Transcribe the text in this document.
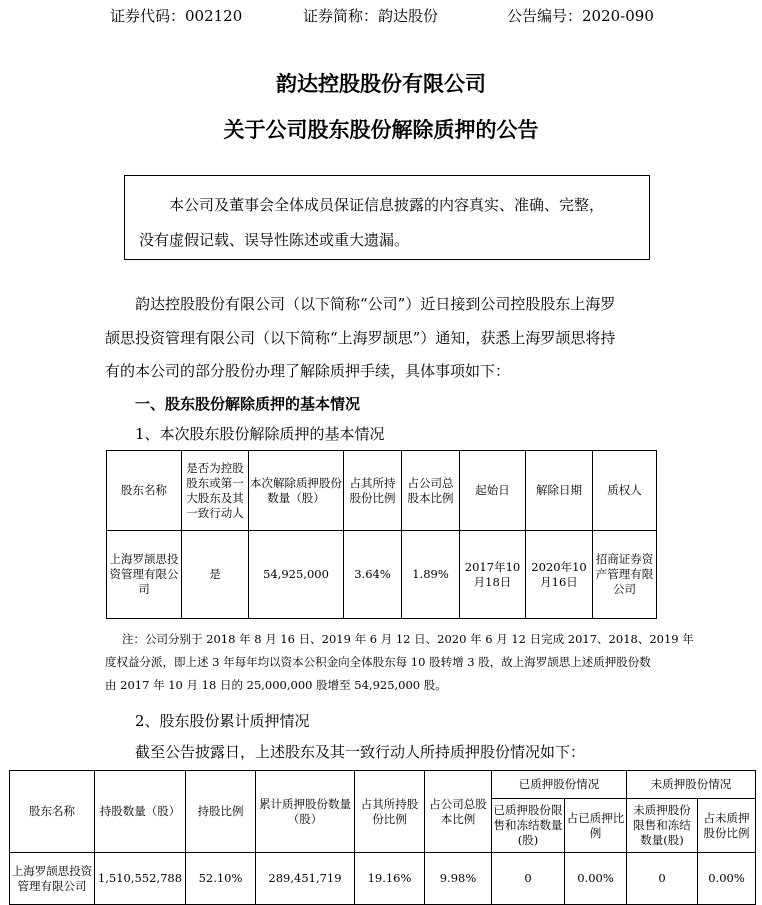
证券代码：002120	证券简称：韵达股份	公告编号：2020-090
韵达控股股份有限公司
关于公司股东股份解除质押的公告

本公司及董事会全体成员保证信息披露的内容真实、准确、完整，

没有虚假记载、误导性陈述或重大遗漏。

韵达控股股份有限公司（以下简称“公司”）近日接到公司控股股东上海罗
颉思投资管理有限公司（以下简称“上海罗颉思”）通知，获悉上海罗颉思将持
有的本公司的部分股份办理了解除质押手续，具体事项如下：
一、股东股份解除质押的基本情况
1、本次股东股份解除质押的基本情况
股东名称	是否为控股股东或第一大股东及其一致行动人	本次解除质押股份数量（股）	占其所持股份比例	占公司总股本比例	起始日	解除日期	质权人
上海罗颉思投资管理有限公司	是	54,925,000	3.64%	1.89%	2017年10月18日	2020年10月16日	招商证券资产管理有限公司
注：公司分别于 2018 年 8 月 16 日、2019 年 6 月 12 日、2020 年 6 月 12 日完成 2017、2018、2019 年
度权益分派，即上述 3 年每年均以资本公积金向全体股东每 10 股转增 3 股，故上海罗颉思上述质押股份数
由 2017 年 10 月 18 日的 25,000,000 股增至 54,925,000 股。
2、股东股份累计质押情况
截至公告披露日，上述股东及其一致行动人所持质押股份情况如下：
股东名称	持股数量（股）	持股比例	累计质押股份数量（股）	占其所持股份比例	占公司总股本比例	已质押股份情况		未质押股份情况	
						已质押股份限售和冻结数量(股)	占已质押比例	未质押股份限售和冻结数量(股)	占未质押股份比例
上海罗颉思投资管理有限公司	1,510,552,788	52.10%	289,451,719	19.16%	9.98%	0	0.00%	0	0.00%
